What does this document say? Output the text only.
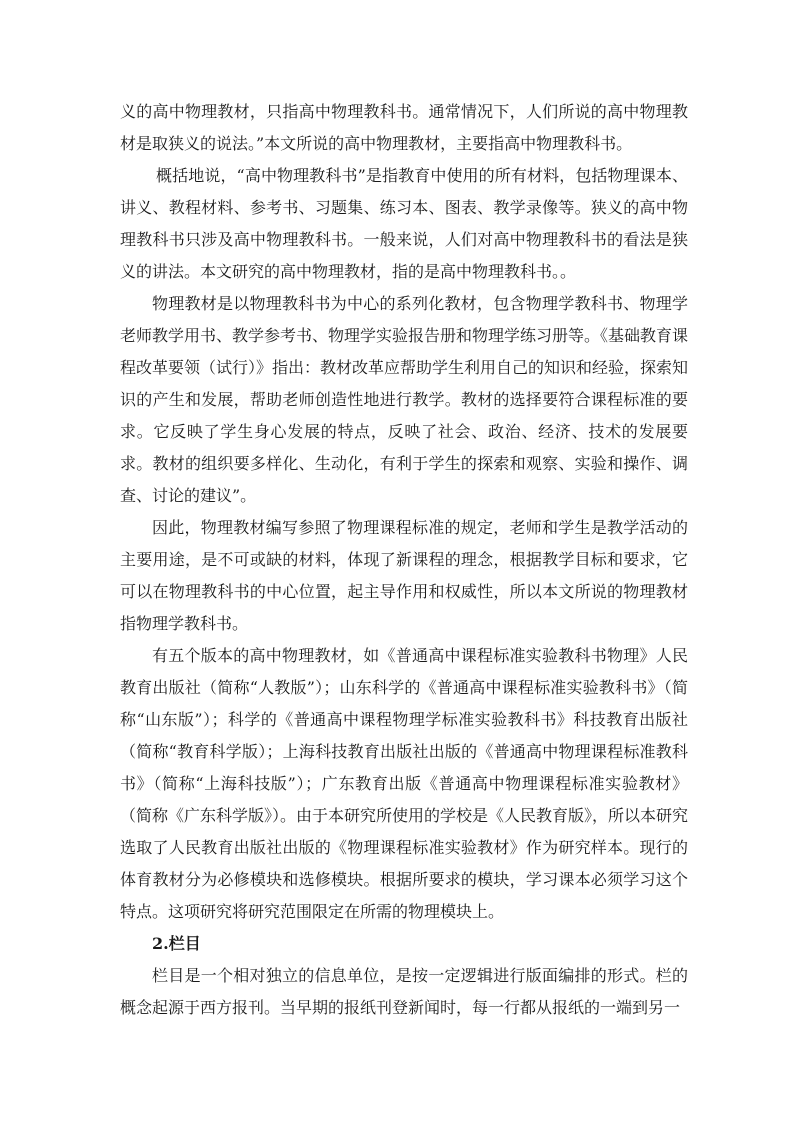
义的高中物理教材，只指高中物理教科书。通常情况下，人们所说的高中物理教材是取狭义的说法。”本文所说的高中物理教材，主要指高中物理教科书。

概括地说，“高中物理教科书”是指教育中使用的所有材料，包括物理课本、讲义、教程材料、参考书、习题集、练习本、图表、教学录像等。狭义的高中物理教科书只涉及高中物理教科书。一般来说，人们对高中物理教科书的看法是狭义的讲法。本文研究的高中物理教材，指的是高中物理教科书。。

物理教材是以物理教科书为中心的系列化教材，包含物理学教科书、物理学老师教学用书、教学参考书、物理学实验报告册和物理学练习册等。《基础教育课程改革要领（试行）》指出：教材改革应帮助学生利用自己的知识和经验，探索知识的产生和发展，帮助老师创造性地进行教学。教材的选择要符合课程标准的要求。它反映了学生身心发展的特点，反映了社会、政治、经济、技术的发展要求。教材的组织要多样化、生动化，有利于学生的探索和观察、实验和操作、调查、讨论的建议”。

因此，物理教材编写参照了物理课程标准的规定，老师和学生是教学活动的主要用途，是不可或缺的材料，体现了新课程的理念，根据教学目标和要求，它可以在物理教科书的中心位置，起主导作用和权威性，所以本文所说的物理教材指物理学教科书。

有五个版本的高中物理教材，如《普通高中课程标准实验教科书物理》人民教育出版社（简称“人教版”）；山东科学的《普通高中课程标准实验教科书》（简称“山东版”）；科学的《普通高中课程物理学标准实验教科书》科技教育出版社（简称“教育科学版）；上海科技教育出版社出版的《普通高中物理课程标准教科书》（简称“上海科技版”）；广东教育出版《普通高中物理课程标准实验教材》（简称《广东科学版》）。由于本研究所使用的学校是《人民教育版》，所以本研究选取了人民教育出版社出版的《物理课程标准实验教材》作为研究样本。现行的体育教材分为必修模块和选修模块。根据所要求的模块，学习课本必须学习这个特点。这项研究将研究范围限定在所需的物理模块上。

2.栏目

栏目是一个相对独立的信息单位，是按一定逻辑进行版面编排的形式。栏的概念起源于西方报刊。当早期的报纸刊登新闻时，每一行都从报纸的一端到另一
